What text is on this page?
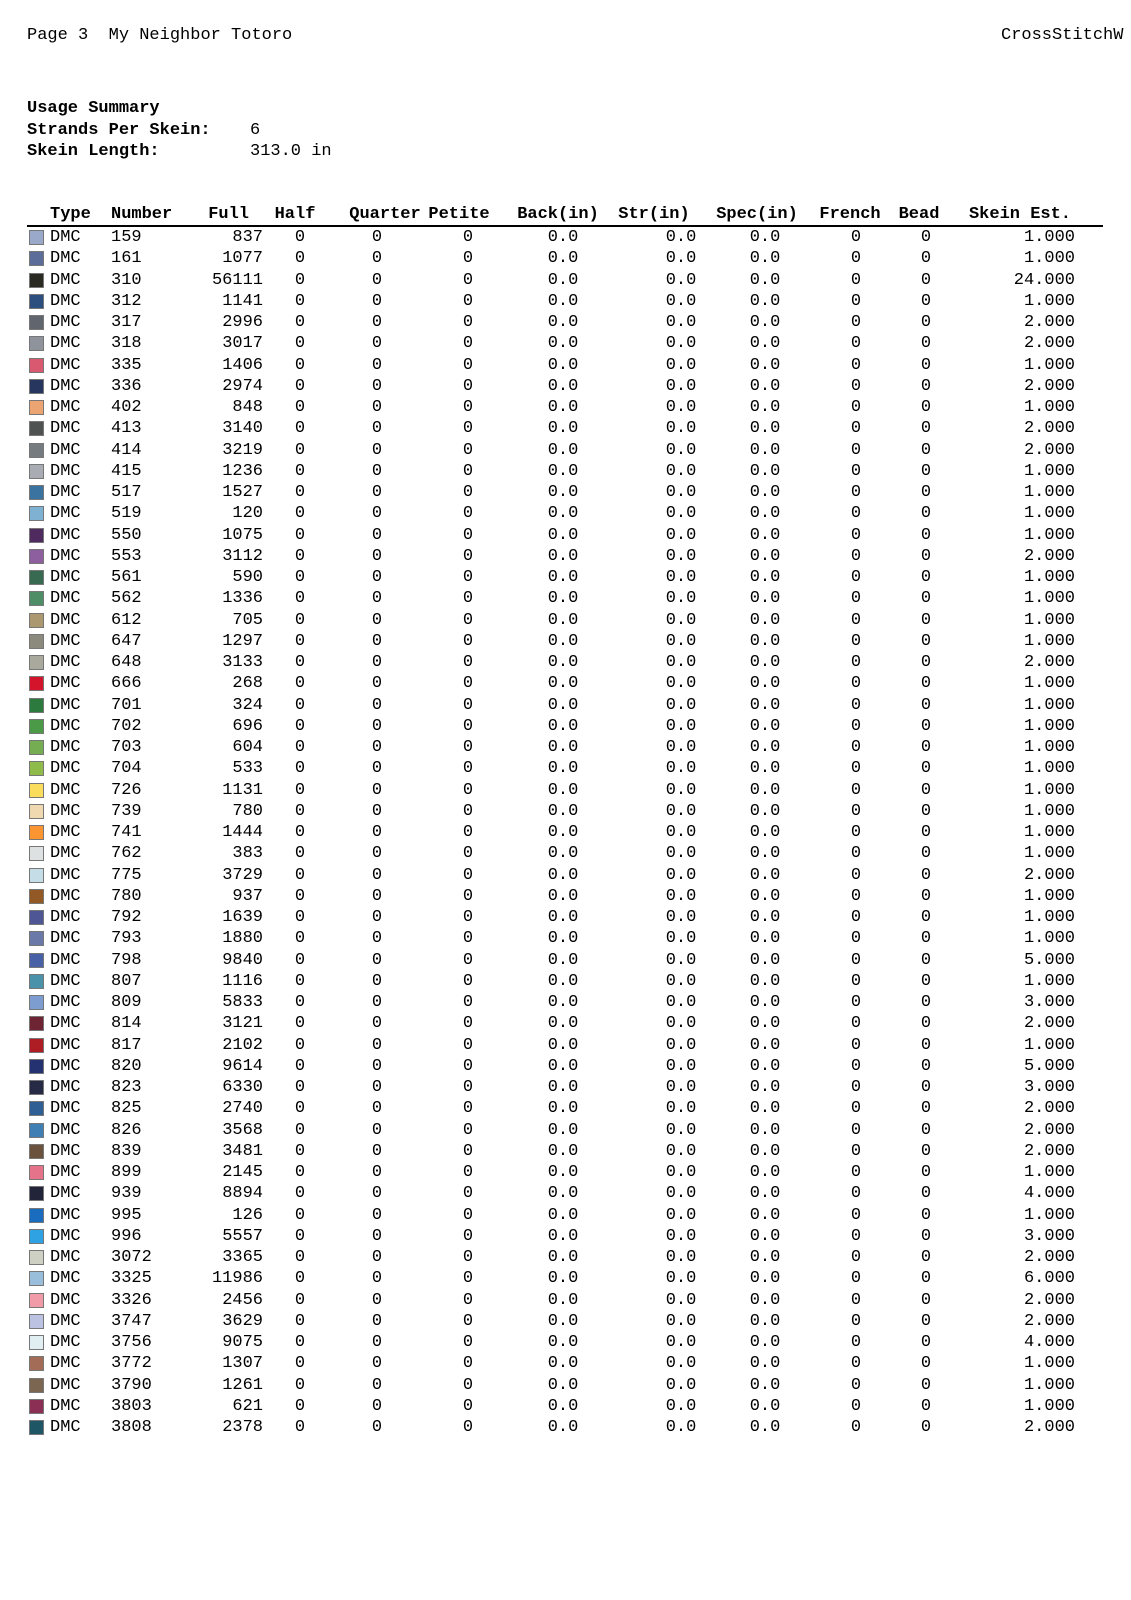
Page 3 My Neighbor Totoro	CrossStitchW
Usage Summary
Strands Per Skein: 6
Skein Length:	313.0 in
Type Number	Full Half	Quarter Petite	Back(in)	Str(in)	Spec(in)	French	Bead	Skein Est.
DMC 159	837	0	0	0	0.0	0.0	0.0	0	0	1.000
DMC 161	1077	0	0	0	0.0	0.0	0.0	0	0	1.000
DMC 310	56111	0	0	0	0.0	0.0	0.0	0	0	24.000
DMC 312	1141	0	0	0	0.0	0.0	0.0	0	0	1.000
DMC 317	2996	0	0	0	0.0	0.0	0.0	0	0	2.000
DMC 318	3017	0	0	0	0.0	0.0	0.0	0	0	2.000
DMC 335	1406	0	0	0	0.0	0.0	0.0	0	0	1.000
DMC 336	2974	0	0	0	0.0	0.0	0.0	0	0	2.000
DMC 402	848	0	0	0	0.0	0.0	0.0	0	0	1.000
DMC 413	3140	0	0	0	0.0	0.0	0.0	0	0	2.000
DMC 414	3219	0	0	0	0.0	0.0	0.0	0	0	2.000
DMC 415	1236	0	0	0	0.0	0.0	0.0	0	0	1.000
DMC 517	1527	0	0	0	0.0	0.0	0.0	0	0	1.000
DMC 519	120	0	0	0	0.0	0.0	0.0	0	0	1.000
DMC 550	1075	0	0	0	0.0	0.0	0.0	0	0	1.000
DMC 553	3112	0	0	0	0.0	0.0	0.0	0	0	2.000
DMC 561	590	0	0	0	0.0	0.0	0.0	0	0	1.000
DMC 562	1336	0	0	0	0.0	0.0	0.0	0	0	1.000
DMC 612	705	0	0	0	0.0	0.0	0.0	0	0	1.000
DMC 647	1297	0	0	0	0.0	0.0	0.0	0	0	1.000
DMC 648	3133	0	0	0	0.0	0.0	0.0	0	0	2.000
DMC 666	268	0	0	0	0.0	0.0	0.0	0	0	1.000
DMC 701	324	0	0	0	0.0	0.0	0.0	0	0	1.000
DMC 702	696	0	0	0	0.0	0.0	0.0	0	0	1.000
DMC 703	604	0	0	0	0.0	0.0	0.0	0	0	1.000
DMC 704	533	0	0	0	0.0	0.0	0.0	0	0	1.000
DMC 726	1131	0	0	0	0.0	0.0	0.0	0	0	1.000
DMC 739	780	0	0	0	0.0	0.0	0.0	0	0	1.000
DMC 741	1444	0	0	0	0.0	0.0	0.0	0	0	1.000
DMC 762	383	0	0	0	0.0	0.0	0.0	0	0	1.000
DMC 775	3729	0	0	0	0.0	0.0	0.0	0	0	2.000
DMC 780	937	0	0	0	0.0	0.0	0.0	0	0	1.000
DMC 792	1639	0	0	0	0.0	0.0	0.0	0	0	1.000
DMC 793	1880	0	0	0	0.0	0.0	0.0	0	0	1.000
DMC 798	9840	0	0	0	0.0	0.0	0.0	0	0	5.000
DMC 807	1116	0	0	0	0.0	0.0	0.0	0	0	1.000
DMC 809	5833	0	0	0	0.0	0.0	0.0	0	0	3.000
DMC 814	3121	0	0	0	0.0	0.0	0.0	0	0	2.000
DMC 817	2102	0	0	0	0.0	0.0	0.0	0	0	1.000
DMC 820	9614	0	0	0	0.0	0.0	0.0	0	0	5.000
DMC 823	6330	0	0	0	0.0	0.0	0.0	0	0	3.000
DMC 825	2740	0	0	0	0.0	0.0	0.0	0	0	2.000
DMC 826	3568	0	0	0	0.0	0.0	0.0	0	0	2.000
DMC 839	3481	0	0	0	0.0	0.0	0.0	0	0	2.000
DMC 899	2145	0	0	0	0.0	0.0	0.0	0	0	1.000
DMC 939	8894	0	0	0	0.0	0.0	0.0	0	0	4.000
DMC 995	126	0	0	0	0.0	0.0	0.0	0	0	1.000
DMC 996	5557	0	0	0	0.0	0.0	0.0	0	0	3.000
DMC 3072	3365	0	0	0	0.0	0.0	0.0	0	0	2.000
DMC 3325	11986	0	0	0	0.0	0.0	0.0	0	0	6.000
DMC 3326	2456	0	0	0	0.0	0.0	0.0	0	0	2.000
DMC 3747	3629	0	0	0	0.0	0.0	0.0	0	0	2.000
DMC 3756	9075	0	0	0	0.0	0.0	0.0	0	0	4.000
DMC 3772	1307	0	0	0	0.0	0.0	0.0	0	0	1.000
DMC 3790	1261	0	0	0	0.0	0.0	0.0	0	0	1.000
DMC 3803	621	0	0	0	0.0	0.0	0.0	0	0	1.000
DMC 3808	2378	0	0	0	0.0	0.0	0.0	0	0	2.000
